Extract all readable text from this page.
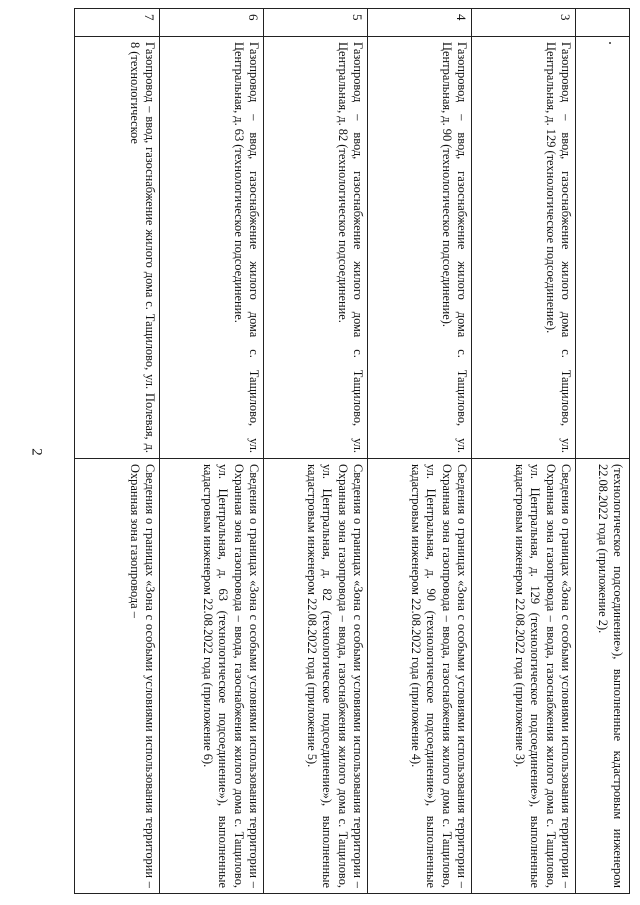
2
		(технологическое подсоединение»), выполненные кадастровым инженером 22.08.2022 года (приложение 2).
3	Газопровод – ввод, газоснабжение жилого дома с. Тащилово, ул. Центральная, д. 129 (технологическое подсоединение).	Сведения о границах «Зона с особыми условиями использования территории – Охранная зона газопровода – ввода, газоснабжения жилого дома с. Тащилово, ул. Центральная, д. 129 (технологическое подсоединение»), выполненные кадастровым инженером 22.08.2022 года (приложение 3).
4	Газопровод – ввод, газоснабжение жилого дома с. Тащилово, ул. Центральная, д. 90 (технологическое подсоединение).	Сведения о границах «Зона с особыми условиями использования территории – Охранная зона газопровода – ввода, газоснабжения жилого дома с. Тащилово, ул. Центральная, д. 90 (технологическое подсоединение»), выполненные кадастровым инженером 22.08.2022 года (приложение 4).
5	Газопровод – ввод, газоснабжение жилого дома с. Тащилово, ул. Центральная, д. 82 (технологическое подсоединение.	Сведения о границах «Зона с особыми условиями использования территории – Охранная зона газопровода – ввода, газоснабжения жилого дома с. Тащилово, ул. Центральная, д. 82 (технологическое подсоединение»), выполненные кадастровым инженером 22.08.2022 года (приложение 5).
6	Газопровод – ввод, газоснабжение жилого дома с. Тащилово, ул. Центральная, д. 63 (технологическое подсоединение.	Сведения о границах «Зона с особыми условиями использования территории – Охранная зона газопровода – ввода, газоснабжения жилого дома с. Тащилово, ул. Центральная, д. 63 (технологическое подсоединение»), выполненные кадастровым инженером 22.08.2022 года (приложение 6).
7	Газопровод – ввод, газоснабжение жилого дома с. Тащилово, ул. Полевая, д. 8 (технологическое	Сведения о границах «Зона с особыми условиями использования территории – Охранная зона газопровода –
